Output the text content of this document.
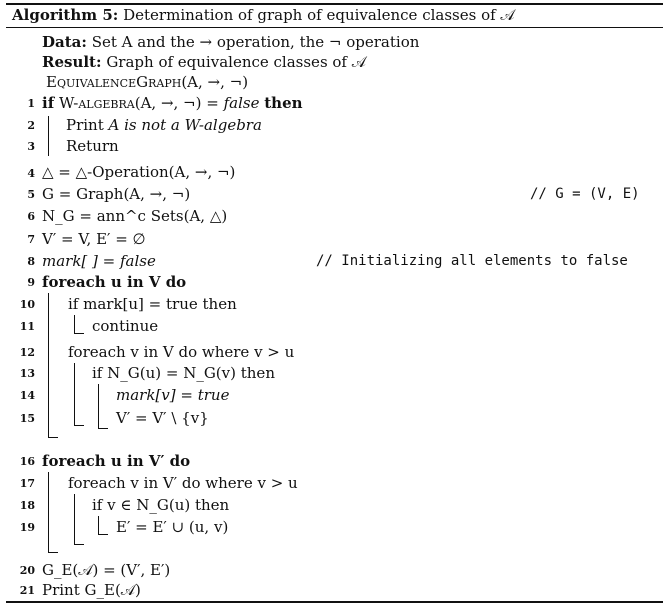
Algorithm 5: Determination of graph of equivalence classes of 𝒜
Data: Set A and the → operation, the ¬ operation
Result: Graph of equivalence classes of 𝒜
EquivalenceGraph(A, →, ¬)
1
2
3
4
5
6
7
8
9
10
11
12
13
14
15
16
17
18
19
20
21
if W-algebra(A, →, ¬) = false then
Print A is not a W-algebra
Return
△ = △-Operation(A, →, ¬)
G = Graph(A, →, ¬)	// G = (V, E)
N_G = ann^c Sets(A, △)
V′ = V, E′ = ∅
mark[ ] = false	// Initializing all elements to false
foreach u in V do
if mark[u] = true then
continue
foreach v in V do where v > u
if N_G(u) = N_G(v) then
mark[v] = true
V′ = V′ \ {v}
foreach u in V′ do
foreach v in V′ do where v > u
if v ∈ N_G(u) then
E′ = E′ ∪ (u, v)
G_E(𝒜) = (V′, E′)
Print G_E(𝒜)
